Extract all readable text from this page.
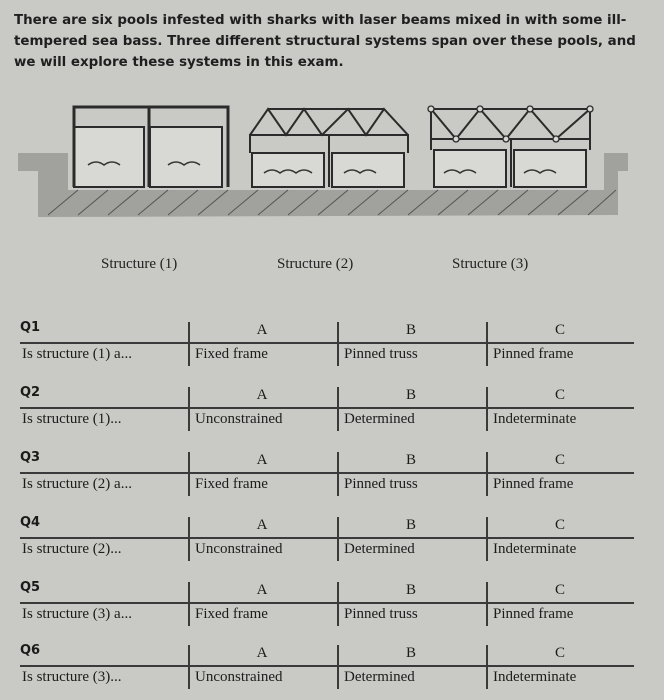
There are six pools infested with sharks with laser beams mixed in with some ill-tempered sea bass. Three different structural systems span over these pools, and we will explore these systems in this exam.
Structure (1)	Structure (2)	Structure (3)
Q1
Is structure (1) a...
A
Fixed frame
B
Pinned truss
C
Pinned frame
Q2
Is structure (1)...
A
Unconstrained
B
Determined
C
Indeterminate
Q3
Is structure (2) a...
A
Fixed frame
B
Pinned truss
C
Pinned frame
Q4
Is structure (2)...
A
Unconstrained
B
Determined
C
Indeterminate
Q5
Is structure (3) a...
A
Fixed frame
B
Pinned truss
C
Pinned frame
Q6
Is structure (3)...
A
Unconstrained
B
Determined
C
Indeterminate
